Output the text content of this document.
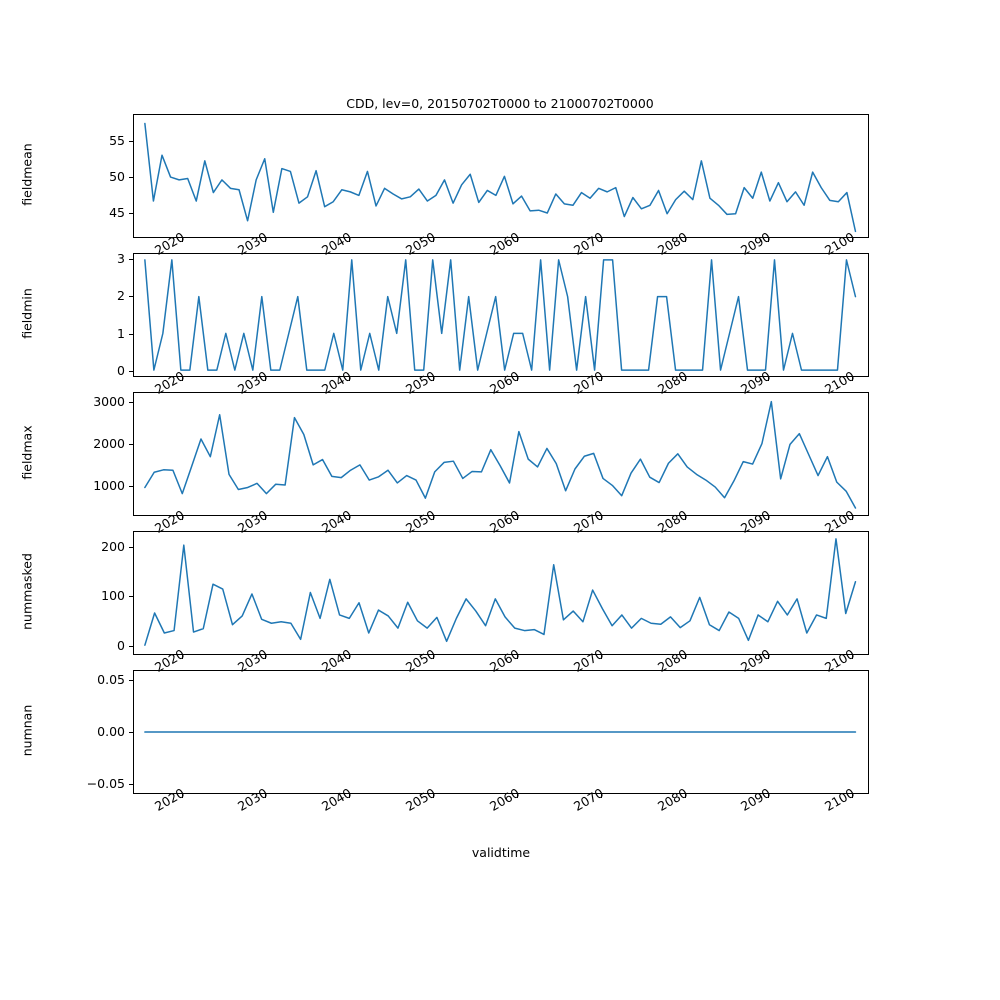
CDD, lev=0, 20150702T0000 to 21000702T0000
validtime
45
50
55
fieldmean
2020	2030	2040	2050	2060	2070	2080	2090	2100
0
1
2
3
fieldmin
2020	2030	2040	2050	2060	2070	2080	2090	2100
1000
2000
3000
fieldmax
2020	2030	2040	2050	2060	2070	2080	2090	2100
0
100
200
nummasked
2020	2030	2040	2050	2060	2070	2080	2090	2100
−0.05
0.00
0.05
numnan
2020	2030	2040	2050	2060	2070	2080	2090	2100
